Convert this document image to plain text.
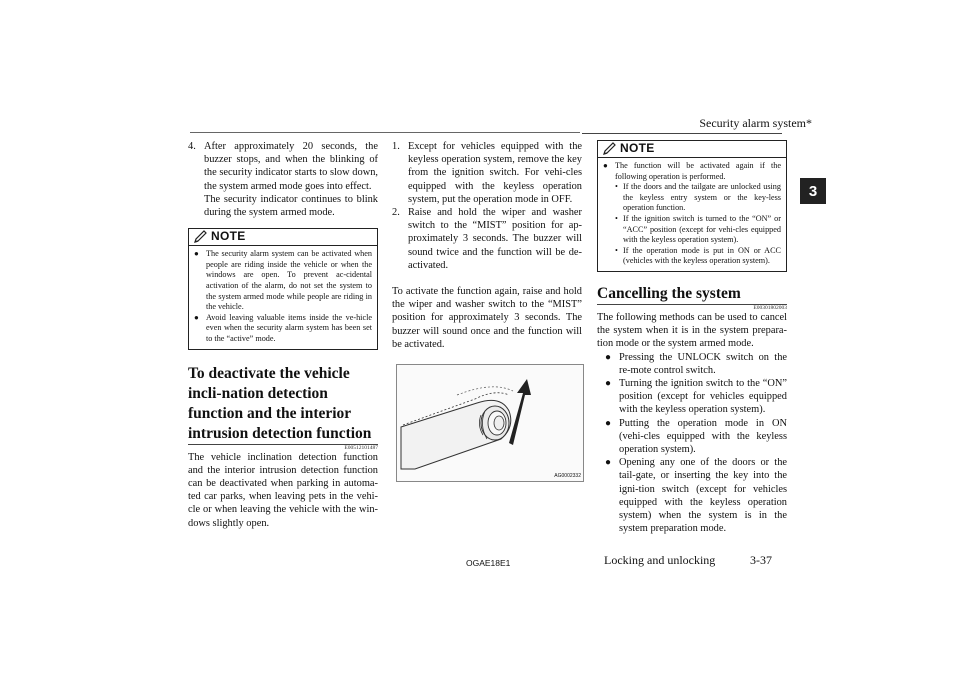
Security alarm system*
3
4. After approximately 20 seconds, the buzzer stops, and when the blinking of the security indicator starts to slow down, the system armed mode goes into effect.
The security indicator continues to blink during the system armed mode.
NOTE
● The security alarm system can be activated when people are riding inside the vehicle or when the windows are open. To prevent ac-cidental activation of the alarm, do not set the system to the system armed mode while people are riding in the vehicle.
● Avoid leaving valuable items inside the ve-hicle even when the security alarm system has been set to the “active” mode.
To deactivate the vehicle incli-nation detection function and the interior intrusion detection function
E00512101487
The vehicle inclination detection function and the interior intrusion detection function can be deactivated when parking in automa-ted car parks, when leaving pets in the vehi-cle or when leaving the vehicle with the win-dows slightly open.
1. Except for vehicles equipped with the keyless operation system, remove the key from the ignition switch. For vehi-cles equipped with the keyless operation system, put the operation mode in OFF.
2. Raise and hold the wiper and washer switch to the “MIST” position for ap-proximately 3 seconds. The buzzer will sound twice and the function will be de-activated.
To activate the function again, raise and hold the wiper and washer switch to the “MIST” position for approximately 3 seconds. The buzzer will sound once and the function will be activated.
AG0002332
NOTE
● The function will be activated again if the following operation is performed.
• If the doors and the tailgate are unlocked using the keyless entry system or the key-less operation function.
• If the ignition switch is turned to the “ON” or “ACC” position (except for vehi-cles equipped with the keyless operation system).
• If the operation mode is put in ON or ACC (vehicles with the keyless operation system).
Cancelling the system
E00301802003
The following methods can be used to cancel the system when it is in the system prepara-tion mode or the system armed mode.
● Pressing the UNLOCK switch on the re-mote control switch.
● Turning the ignition switch to the “ON” position (except for vehicles equipped with the keyless operation system).
● Putting the operation mode in ON (vehi-cles equipped with the keyless operation system).
● Opening any one of the doors or the tail-gate, or inserting the key into the igni-tion switch (except for vehicles equipped with the keyless operation system) when the system is in the system preparation mode.
OGAE18E1	Locking and unlocking	3-37
